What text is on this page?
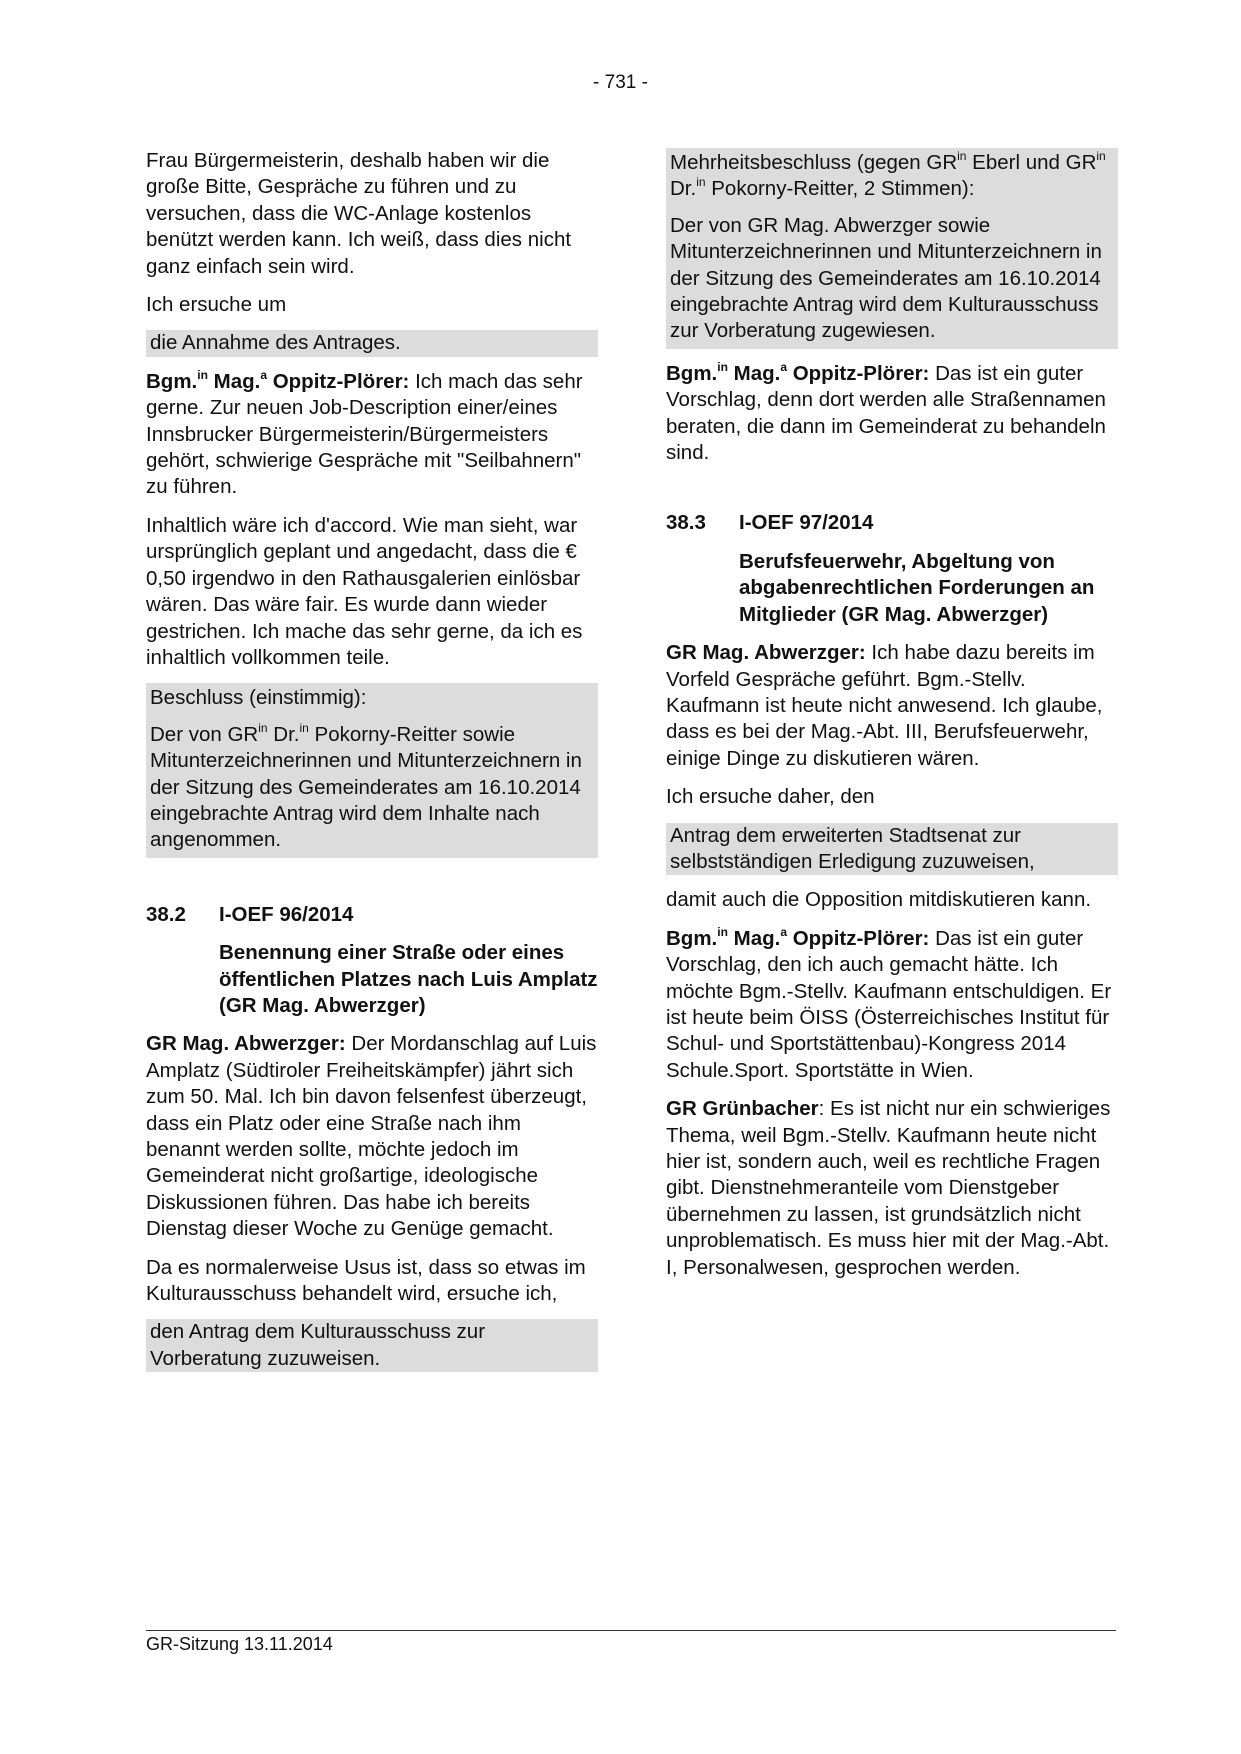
- 731 -

Frau Bürgermeisterin, deshalb haben wir die große Bitte, Gespräche zu führen und zu versuchen, dass die WC-Anlage kostenlos benützt werden kann. Ich weiß, dass dies nicht ganz einfach sein wird.

Ich ersuche um

die Annahme des Antrages.

Bgm.$^{in}$ Mag.$^a$ Oppitz-Plörer: Ich mach das sehr gerne. Zur neuen Job-Description einer/eines Innsbrucker Bürgermeisterin/Bürgermeisters gehört, schwierige Gespräche mit "Seilbahnern" zu führen.

Inhaltlich wäre ich d'accord. Wie man sieht, war ursprünglich geplant und angedacht, dass die € 0,50 irgendwo in den Rathausgalerien einlösbar wären. Das wäre fair. Es wurde dann wieder gestrichen. Ich mache das sehr gerne, da ich es inhaltlich vollkommen teile.

Beschluss (einstimmig):

Der von $GR^{in}$ Dr.$^{in}$ Pokorny-Reitter sowie Mitunterzeichnerinnen und Mitunterzeichnern in der Sitzung des Gemeinderates am 16.10.2014 eingebrachte Antrag wird dem Inhalte nach angenommen.

38.2	I-OEF 96/2014

Benennung einer Straße oder eines öffentlichen Platzes nach Luis Amplatz (GR Mag. Abwerzger)

GR Mag. Abwerzger: Der Mordanschlag auf Luis Amplatz (Südtiroler Freiheitskämpfer) jährt sich zum 50. Mal. Ich bin davon felsenfest überzeugt, dass ein Platz oder eine Straße nach ihm benannt werden sollte, möchte jedoch im Gemeinderat nicht großartige, ideologische Diskussionen führen. Das habe ich bereits Dienstag dieser Woche zu Genüge gemacht.

Da es normalerweise Usus ist, dass so etwas im Kulturausschuss behandelt wird, ersuche ich,

den Antrag dem Kulturausschuss zur Vorberatung zuzuweisen.

Mehrheitsbeschluss (gegen $GR^{in}$ Eberl und $GR^{in}$ Dr.$^{in}$ Pokorny-Reitter, 2 Stimmen):

Der von GR Mag. Abwerzger sowie Mitunterzeichnerinnen und Mitunterzeichnern in der Sitzung des Gemeinderates am 16.10.2014 eingebrachte Antrag wird dem Kulturausschuss zur Vorberatung zugewiesen.

Bgm.$^{in}$ Mag.$^a$ Oppitz-Plörer: Das ist ein guter Vorschlag, denn dort werden alle Straßennamen beraten, die dann im Gemeinderat zu behandeln sind.

38.3	I-OEF 97/2014

Berufsfeuerwehr, Abgeltung von abgabenrechtlichen Forderungen an Mitglieder (GR Mag. Abwerzger)

GR Mag. Abwerzger: Ich habe dazu bereits im Vorfeld Gespräche geführt. Bgm.-Stellv. Kaufmann ist heute nicht anwesend. Ich glaube, dass es bei der Mag.-Abt. III, Berufsfeuerwehr, einige Dinge zu diskutieren wären.

Ich ersuche daher, den

Antrag dem erweiterten Stadtsenat zur selbstständigen Erledigung zuzuweisen,

damit auch die Opposition mitdiskutieren kann.

Bgm.$^{in}$ Mag.$^a$ Oppitz-Plörer: Das ist ein guter Vorschlag, den ich auch gemacht hätte. Ich möchte Bgm.-Stellv. Kaufmann entschuldigen. Er ist heute beim ÖISS (Österreichisches Institut für Schul- und Sportstättenbau)-Kongress 2014 Schule.Sport. Sportstätte in Wien.

GR Grünbacher: Es ist nicht nur ein schwieriges Thema, weil Bgm.-Stellv. Kaufmann heute nicht hier ist, sondern auch, weil es rechtliche Fragen gibt. Dienstnehmeranteile vom Dienstgeber übernehmen zu lassen, ist grundsätzlich nicht unproblematisch. Es muss hier mit der Mag.-Abt. I, Personalwesen, gesprochen werden.

GR-Sitzung 13.11.2014
